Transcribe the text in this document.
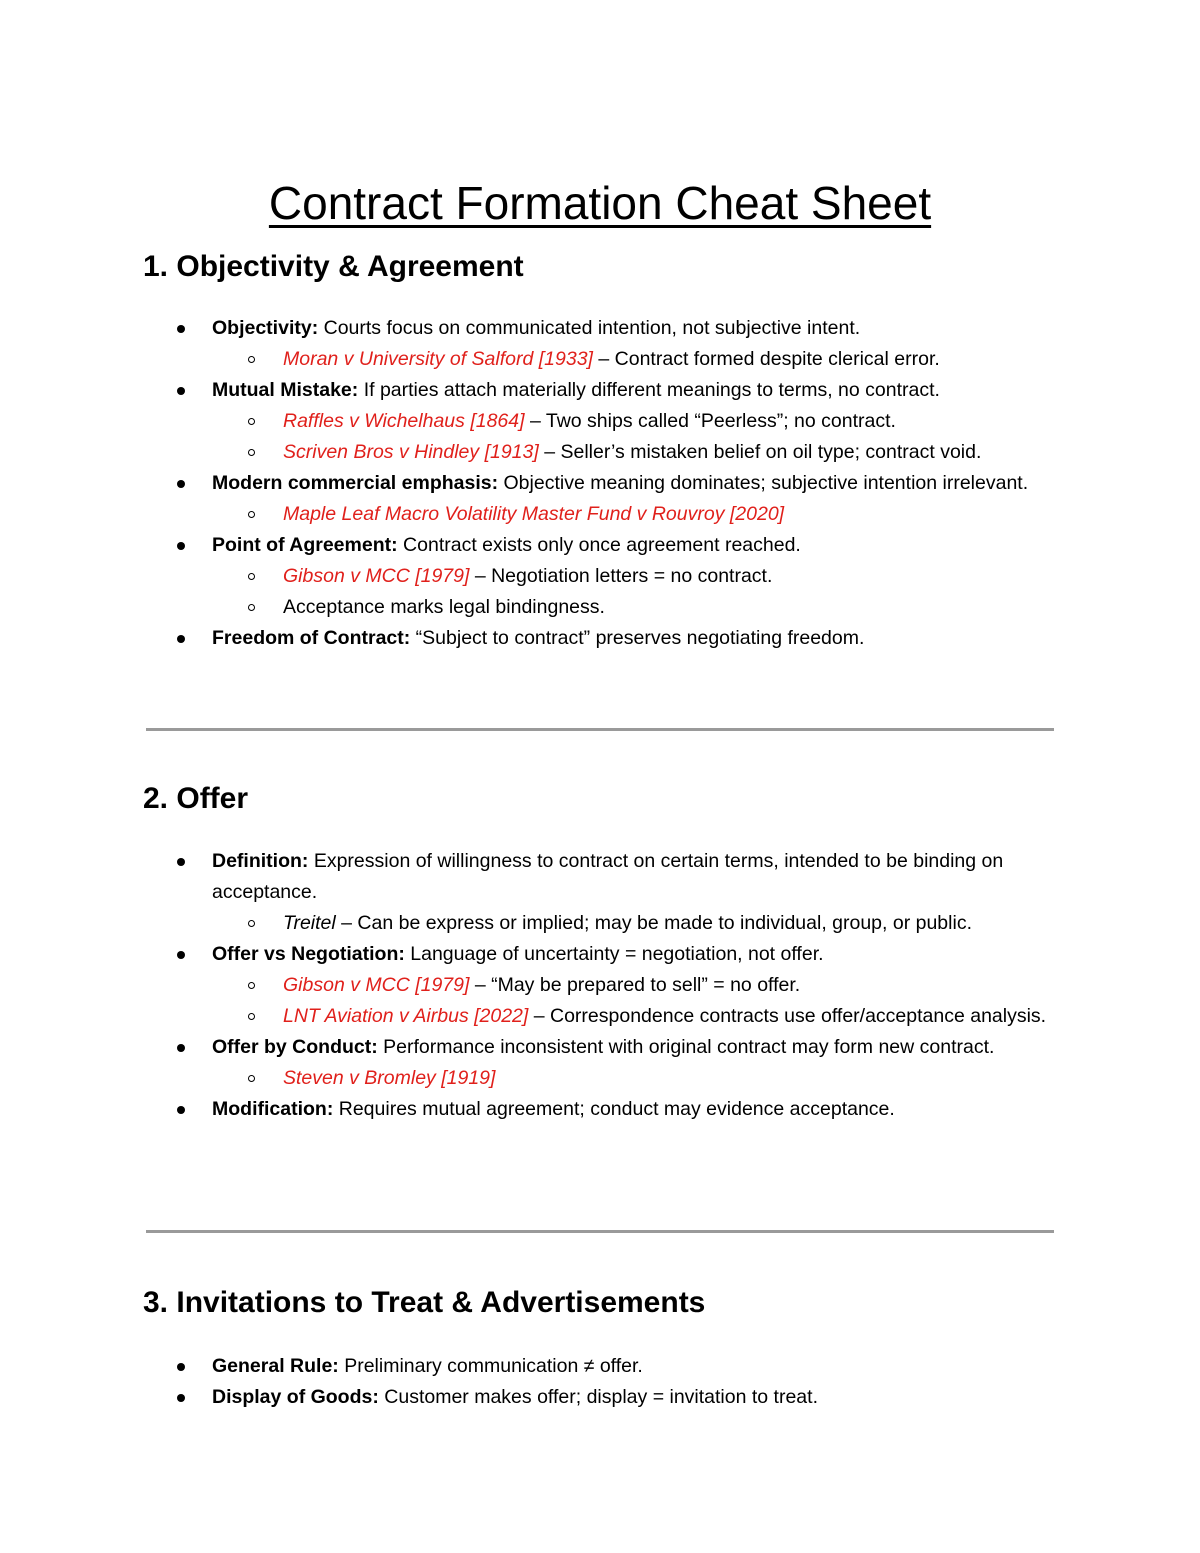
Contract Formation Cheat Sheet
1. Objectivity & Agreement
Objectivity: Courts focus on communicated intention, not subjective intent.
Moran v University of Salford [1933] – Contract formed despite clerical error.
Mutual Mistake: If parties attach materially different meanings to terms, no contract.
Raffles v Wichelhaus [1864] – Two ships called “Peerless”; no contract.
Scriven Bros v Hindley [1913] – Seller’s mistaken belief on oil type; contract void.
Modern commercial emphasis: Objective meaning dominates; subjective intention irrelevant.
Maple Leaf Macro Volatility Master Fund v Rouvroy [2020]
Point of Agreement: Contract exists only once agreement reached.
Gibson v MCC [1979] – Negotiation letters = no contract.
Acceptance marks legal bindingness.
Freedom of Contract: “Subject to contract” preserves negotiating freedom.
2. Offer
Definition: Expression of willingness to contract on certain terms, intended to be binding on acceptance.
Treitel – Can be express or implied; may be made to individual, group, or public.
Offer vs Negotiation: Language of uncertainty = negotiation, not offer.
Gibson v MCC [1979] – “May be prepared to sell” = no offer.
LNT Aviation v Airbus [2022] – Correspondence contracts use offer/acceptance analysis.
Offer by Conduct: Performance inconsistent with original contract may form new contract.
Steven v Bromley [1919]
Modification: Requires mutual agreement; conduct may evidence acceptance.
3. Invitations to Treat & Advertisements
General Rule: Preliminary communication ≠ offer.
Display of Goods: Customer makes offer; display = invitation to treat.
